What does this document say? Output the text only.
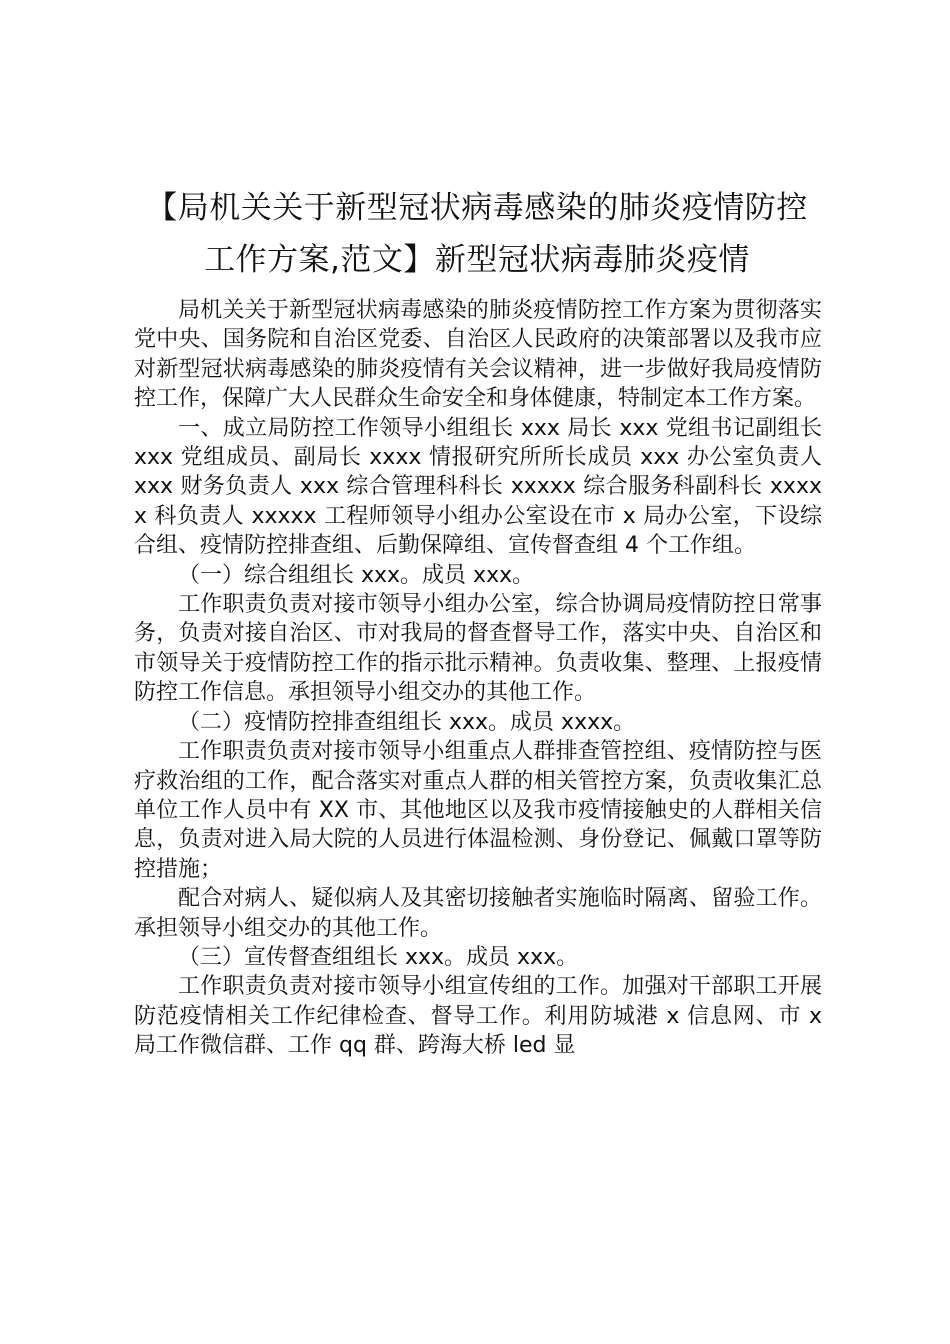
【局机关关于新型冠状病毒感染的肺炎疫情防控工作方案,范文】新型冠状病毒肺炎疫情

局机关关于新型冠状病毒感染的肺炎疫情防控工作方案为贯彻落实党中央、国务院和自治区党委、自治区人民政府的决策部署以及我市应对新型冠状病毒感染的肺炎疫情有关会议精神，进一步做好我局疫情防控工作，保障广大人民群众生命安全和身体健康，特制定本工作方案。

一、成立局防控工作领导小组组长 xxx 局长 xxx 党组书记副组长 xxx 党组成员、副局长 xxxx 情报研究所所长成员 xxx 办公室负责人 xxx 财务负责人 xxx 综合管理科科长 xxxxx 综合服务科副科长 xxxxx 科负责人 xxxxx 工程师领导小组办公室设在市 x 局办公室，下设综合组、疫情防控排查组、后勤保障组、宣传督查组 4 个工作组。

（一）综合组组长 xxx。成员 xxx。

工作职责负责对接市领导小组办公室，综合协调局疫情防控日常事务，负责对接自治区、市对我局的督查督导工作，落实中央、自治区和市领导关于疫情防控工作的指示批示精神。负责收集、整理、上报疫情防控工作信息。承担领导小组交办的其他工作。

（二）疫情防控排查组组长 xxx。成员 xxxx。

工作职责负责对接市领导小组重点人群排查管控组、疫情防控与医疗救治组的工作，配合落实对重点人群的相关管控方案，负责收集汇总单位工作人员中有 XX 市、其他地区以及我市疫情接触史的人群相关信息，负责对进入局大院的人员进行体温检测、身份登记、佩戴口罩等防控措施；

配合对病人、疑似病人及其密切接触者实施临时隔离、留验工作。承担领导小组交办的其他工作。

（三）宣传督查组组长 xxx。成员 xxx。

工作职责负责对接市领导小组宣传组的工作。加强对干部职工开展防范疫情相关工作纪律检查、督导工作。利用防城港 x 信息网、市 x 局工作微信群、工作 qq 群、跨海大桥 led 显
